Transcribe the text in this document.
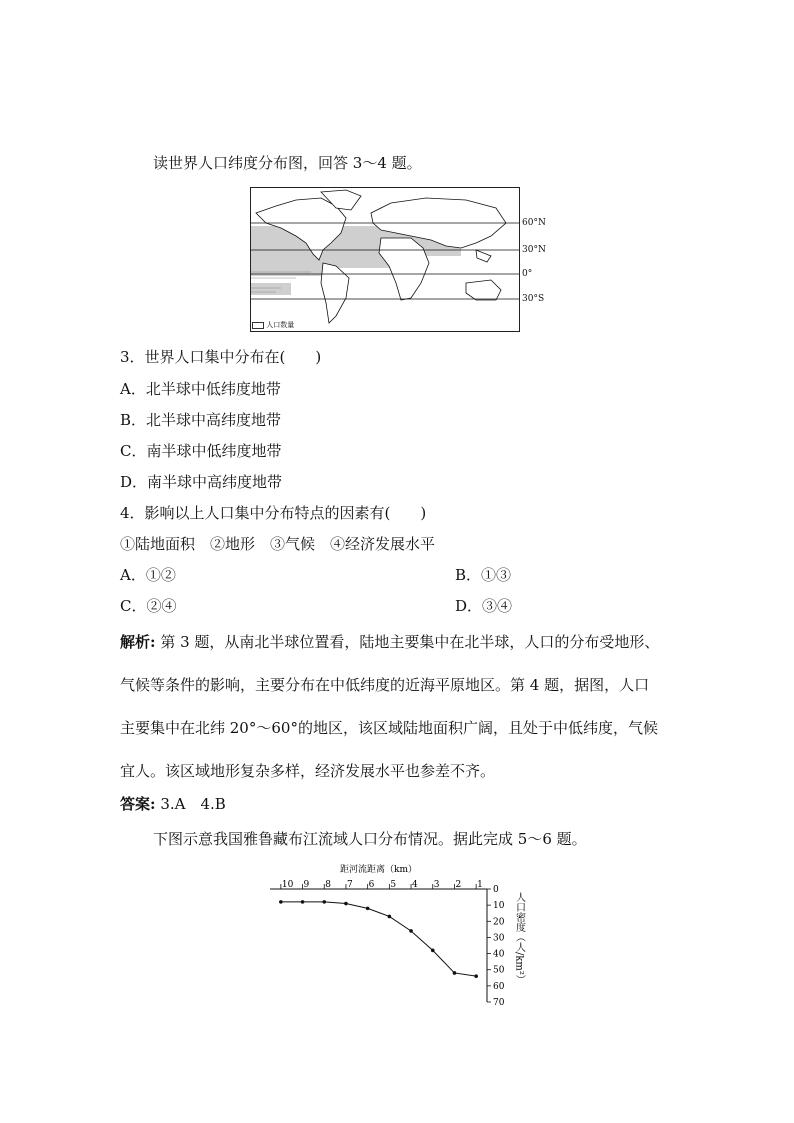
读世界人口纬度分布图，回答 3～4 题。
60°N
30°N
0°
30°S
人口数量
3．世界人口集中分布在(　　)
A．北半球中低纬度地带
B．北半球中高纬度地带
C．南半球中低纬度地带
D．南半球中高纬度地带
4．影响以上人口集中分布特点的因素有(　　)
①陆地面积　②地形　③气候　④经济发展水平
A．①②	B．①③
C．②④	D．③④
解析: 第 3 题，从南北半球位置看，陆地主要集中在北半球，人口的分布受地形、
气候等条件的影响，主要分布在中低纬度的近海平原地区。第 4 题，据图，人口
主要集中在北纬 20°～60°的地区，该区域陆地面积广阔，且处于中低纬度，气候
宜人。该区域地形复杂多样，经济发展水平也参差不齐。
答案: 3.A　4.B
下图示意我国雅鲁藏布江流域人口分布情况。据此完成 5～6 题。
距河流距离（km）
10 9 8 7 6 5 4 3 2 1 0
10
20
30
40
50
60
70
人口密度（人/km²）
